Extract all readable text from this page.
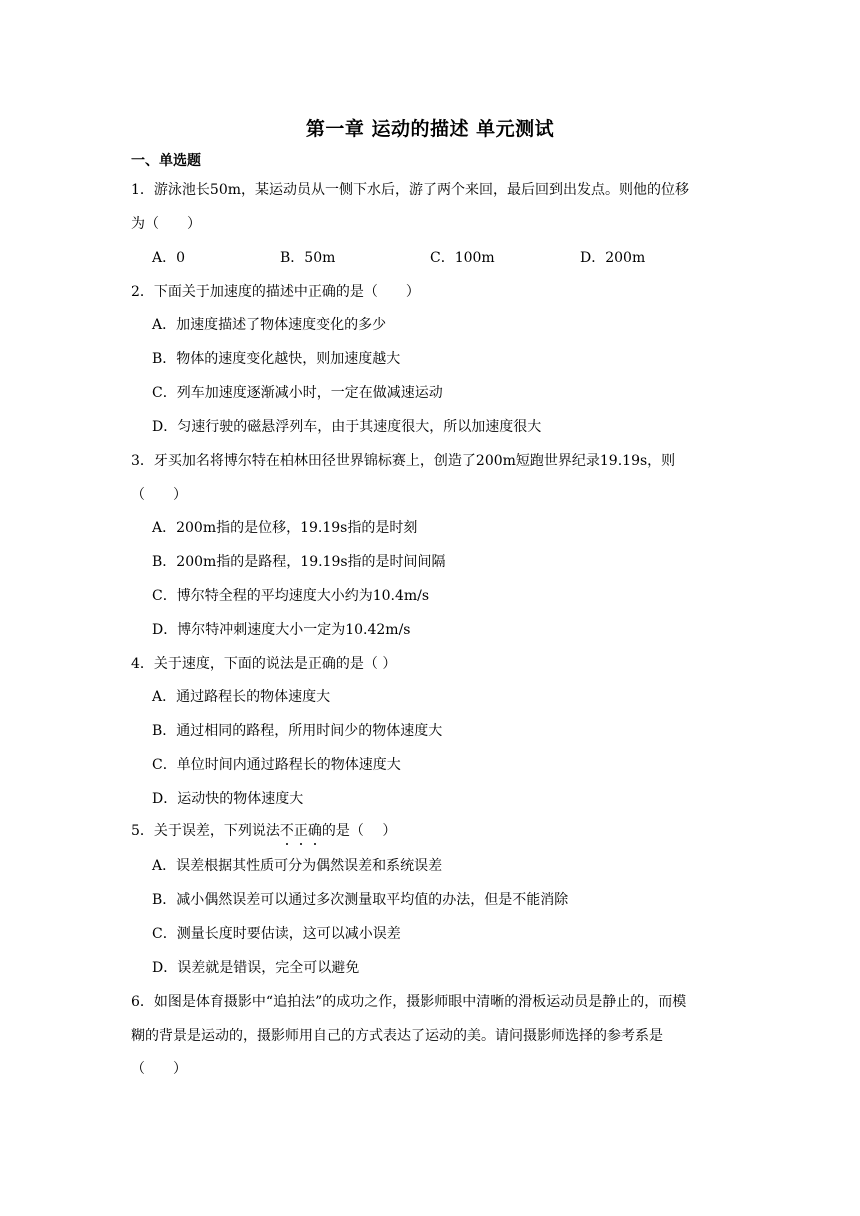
第一章 运动的描述 单元测试
一、单选题
1．游泳池长50m，某运动员从一侧下水后，游了两个来回，最后回到出发点。则他的位移
为（　　）
A．0	B．50m	C．100m	D．200m
2．下面关于加速度的描述中正确的是（　　）
A．加速度描述了物体速度变化的多少
B．物体的速度变化越快，则加速度越大
C．列车加速度逐渐减小时，一定在做减速运动
D．匀速行驶的磁悬浮列车，由于其速度很大，所以加速度很大
3．牙买加名将博尔特在柏林田径世界锦标赛上，创造了200m短跑世界纪录19.19s，则
（　　）
A．200m指的是位移，19.19s指的是时刻
B．200m指的是路程，19.19s指的是时间间隔
C．博尔特全程的平均速度大小约为10.4m/s
D．博尔特冲刺速度大小一定为10.42m/s
4．关于速度，下面的说法是正确的是（ ）
A．通过路程长的物体速度大
B．通过相同的路程，所用时间少的物体速度大
C．单位时间内通过路程长的物体速度大
D．运动快的物体速度大
5．关于误差，下列说法不正确的是（　 ）
A．误差根据其性质可分为偶然误差和系统误差
B．减小偶然误差可以通过多次测量取平均值的办法，但是不能消除
C．测量长度时要估读，这可以减小误差
D．误差就是错误，完全可以避免
6．如图是体育摄影中“追拍法”的成功之作，摄影师眼中清晰的滑板运动员是静止的，而模
糊的背景是运动的，摄影师用自己的方式表达了运动的美。请问摄影师选择的参考系是
（　　）
